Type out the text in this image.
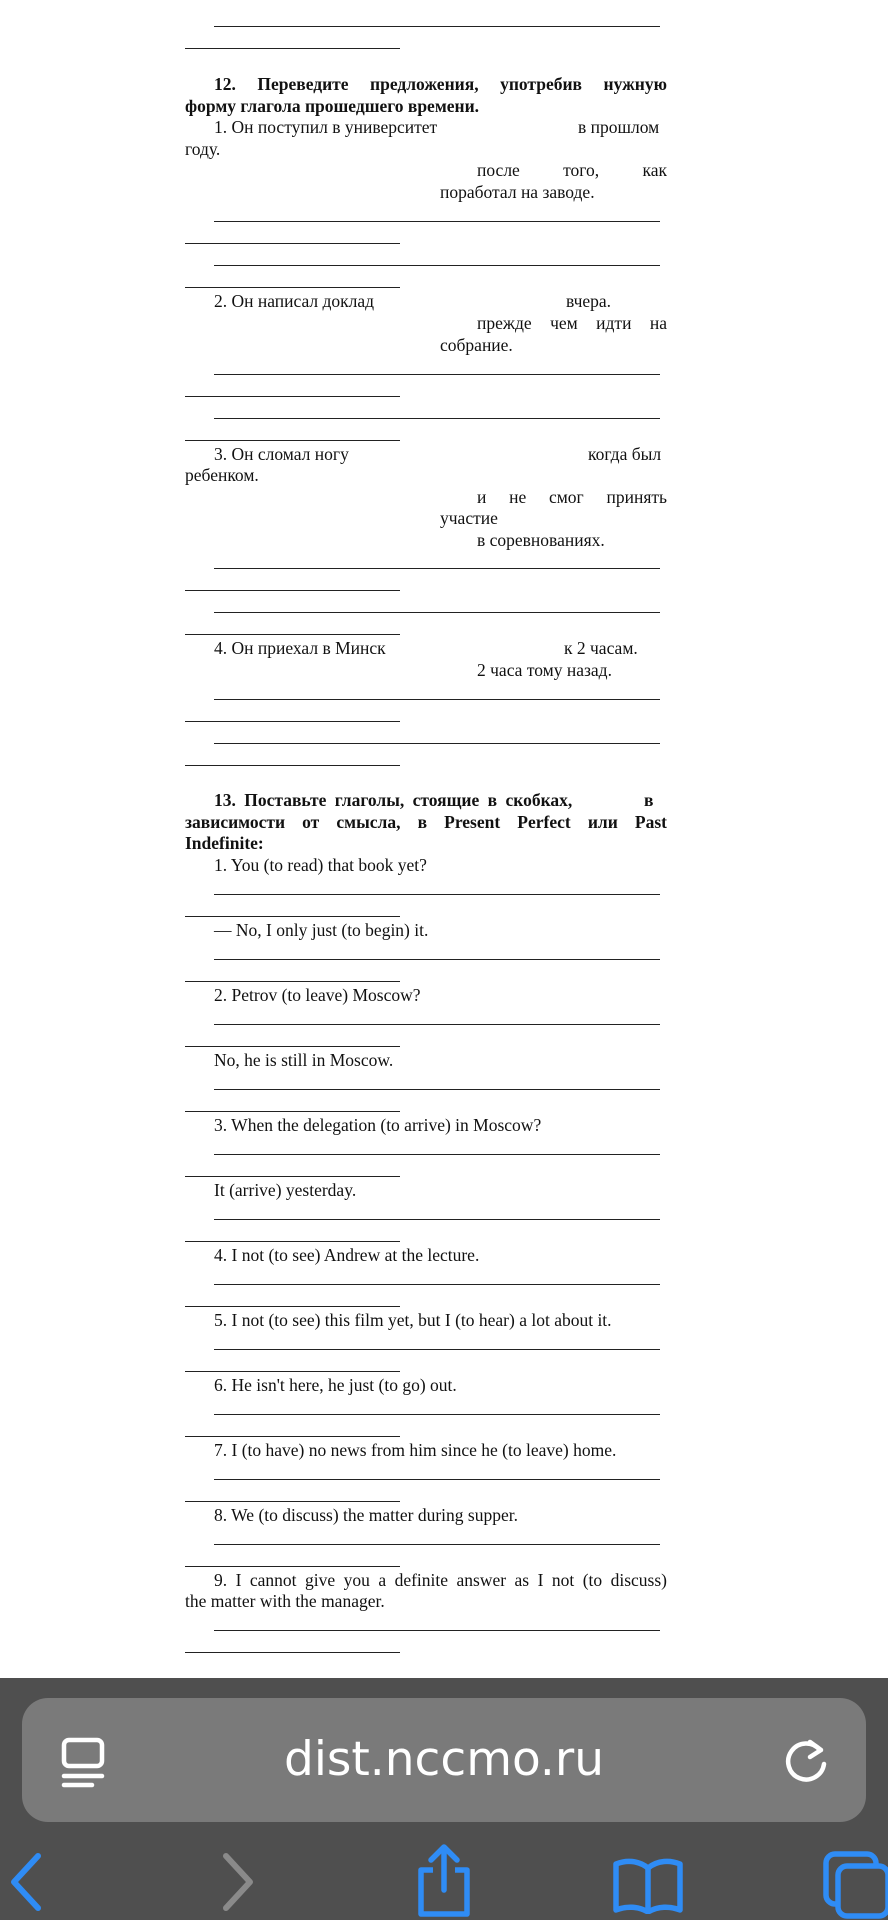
12. Переведите предложения, употребив нужную
форму глагола прошедшего времени.
1. Он поступил в университет	в прошлом
году.
после того, как
поработал на заводе.
2. Он написал доклад	вчера.
прежде чем идти на
собрание.
3. Он сломал ногу	когда был
ребенком.
и не смог принять
участие
в соревнованиях.
4. Он приехал в Минск	к 2 часам.
2 часа тому назад.
13. Поставьте глаголы, стоящие в скобках,	в
зависимости от смысла, в Present Perfect или Past
Indefinite:
1. You (to read) that book yet?
— No, I only just (to begin) it.
2. Petrov (to leave) Moscow?
No, he is still in Moscow.
3. When the delegation (to arrive) in Moscow?
It (arrive) yesterday.
4. I not (to see) Andrew at the lecture.
5. I not (to see) this film yet, but I (to hear) a lot about it.
6. He isn't here, he just (to go) out.
7. I (to have) no news from him since he (to leave) home.
8. We (to discuss) the matter during supper.
9. I cannot give you a definite answer as I not (to discuss)
the matter with the manager.
dist.nccmo.ru
